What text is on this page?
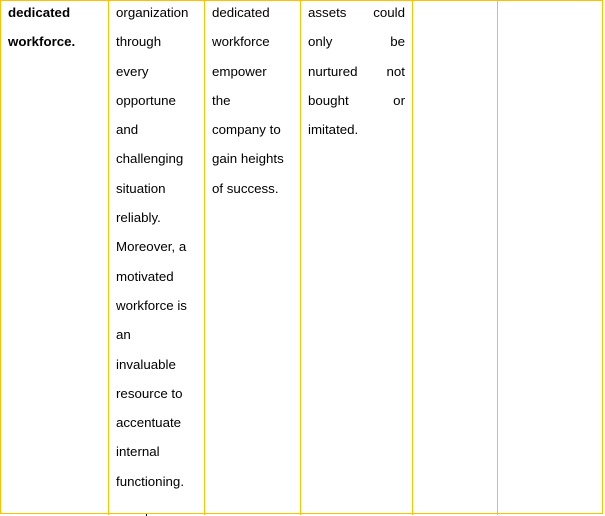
dedicated
workforce.
organization
through
every
opportune
and
challenging
situation
reliably.
Moreover, a
motivated
workforce is
an
invaluable
resource to
accentuate
internal
functioning.
dedicated
workforce
empower
the
company to
gain heights
of success.
assets could
only	be
nurtured not
bought	or
imitated.
